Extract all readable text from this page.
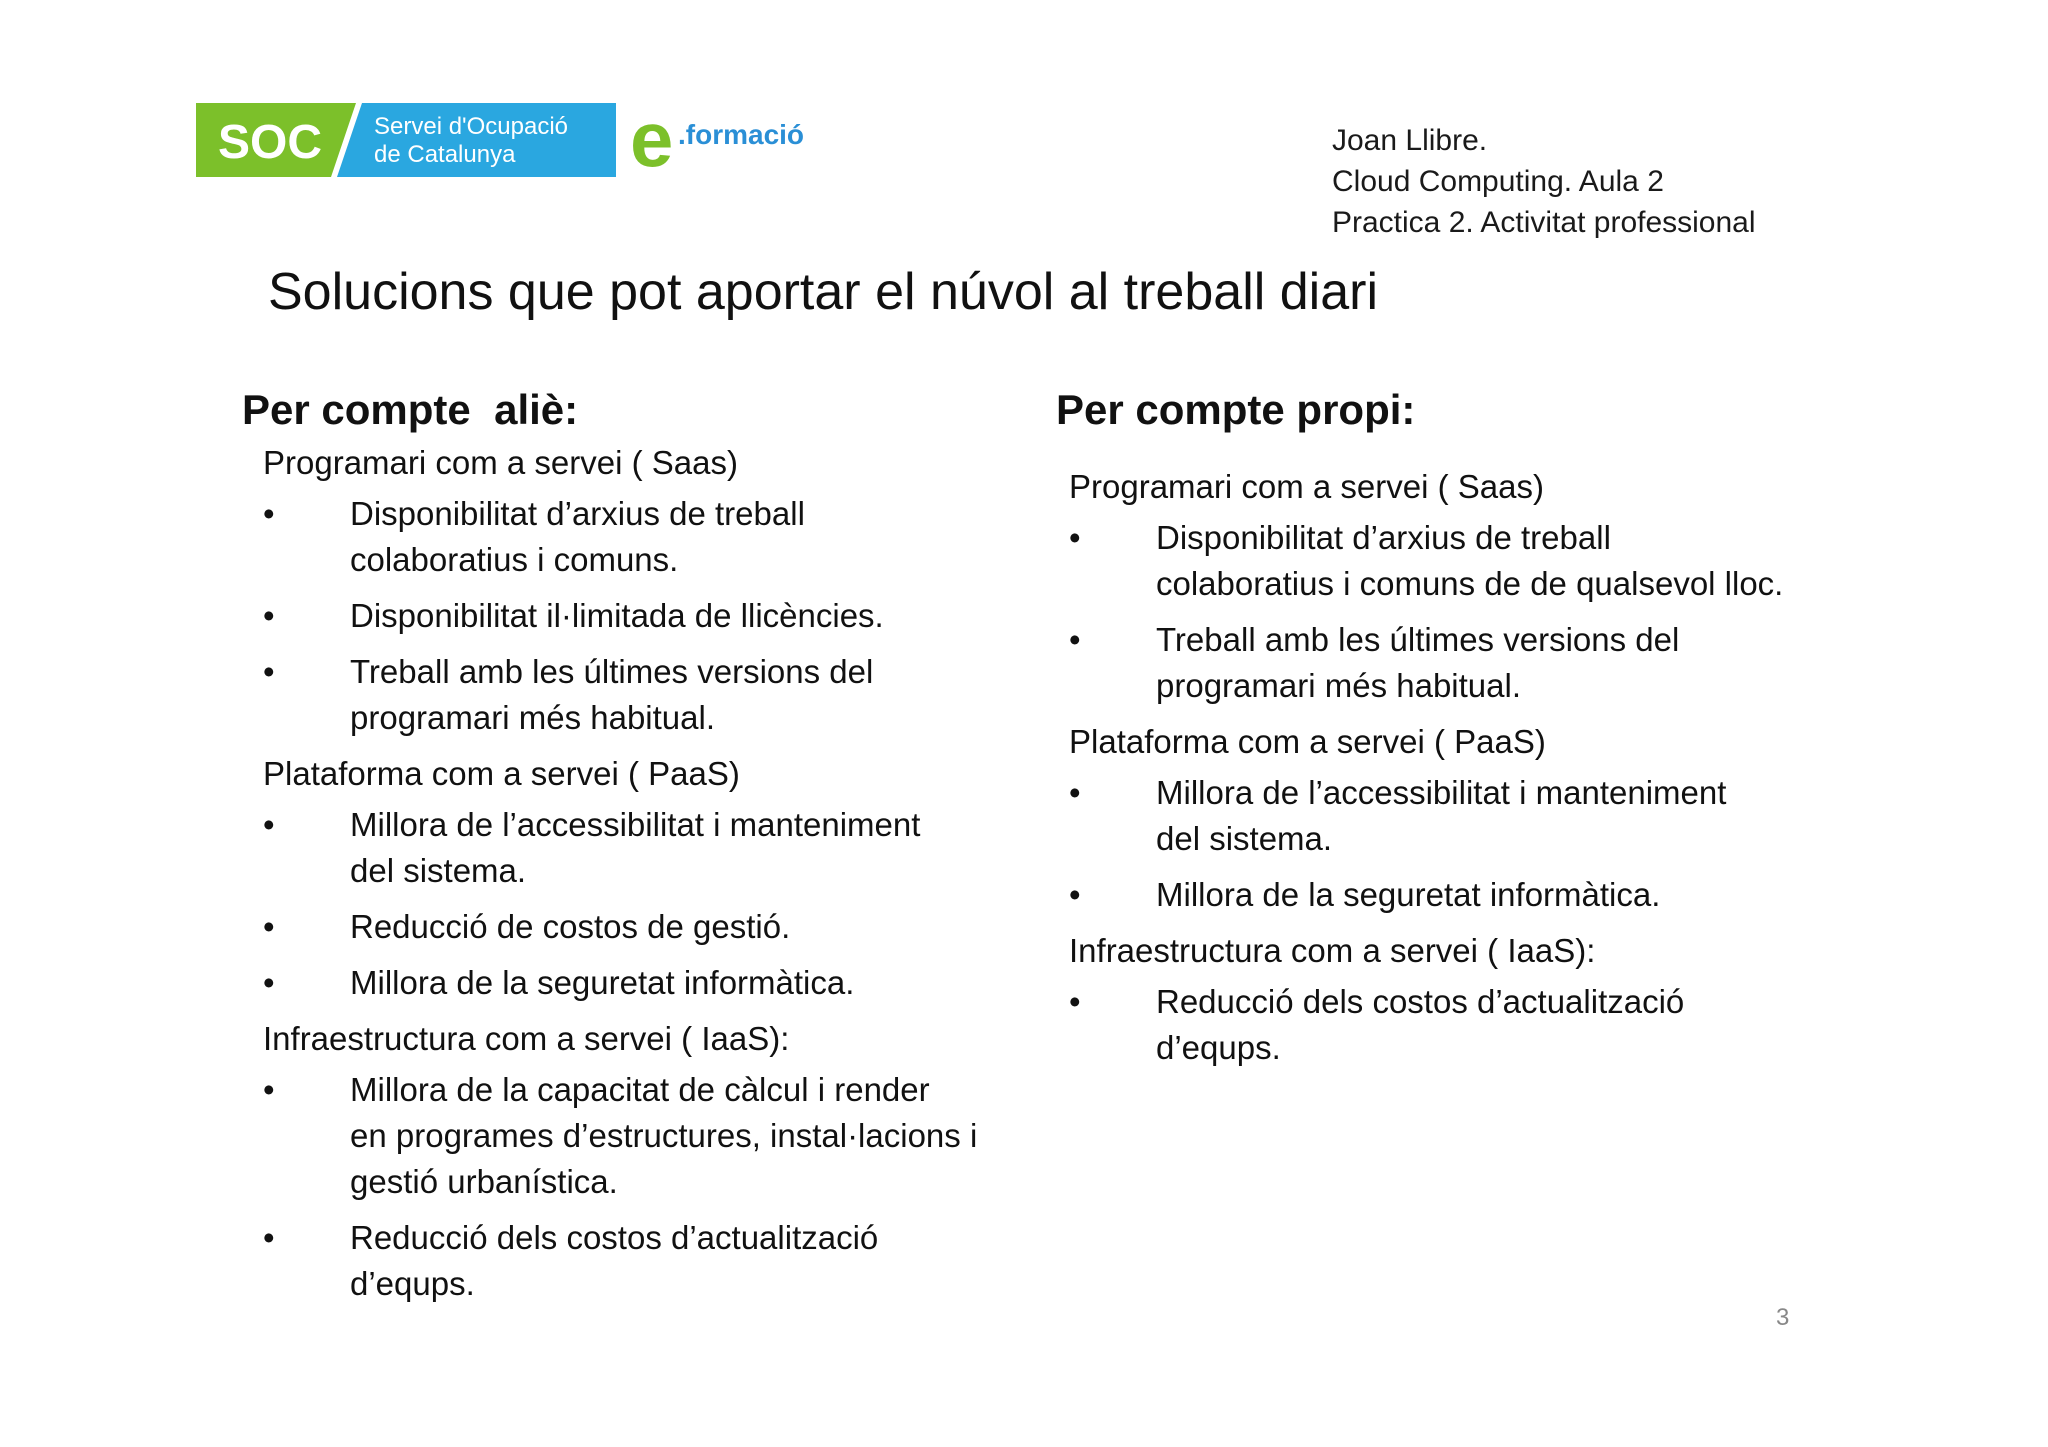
SOC Servei d'Ocupació
de Catalunya e .formació	Joan Llibre.
Cloud Computing. Aula 2
Practica 2. Activitat professional
Solucions que pot aportar el núvol al treball diari
Per compte  aliè:
Programari com a servei ( Saas)
• Disponibilitat d’arxius de treball
colaboratius i comuns.
• Disponibilitat il·limitada de llicències.
• Treball amb les últimes versions del
programari més habitual.
Plataforma com a servei ( PaaS)
• Millora de l’accessibilitat i manteniment
del sistema.
• Reducció de costos de gestió.
• Millora de la seguretat informàtica.
Infraestructura com a servei ( IaaS):
• Millora de la capacitat de càlcul i render
en programes d’estructures, instal·lacions i
gestió urbanística.
• Reducció dels costos d’actualització
d’equps.
Per compte propi:
Programari com a servei ( Saas)
• Disponibilitat d’arxius de treball
colaboratius i comuns de de qualsevol lloc.
• Treball amb les últimes versions del
programari més habitual.
Plataforma com a servei ( PaaS)
• Millora de l’accessibilitat i manteniment
del sistema.
• Millora de la seguretat informàtica.
Infraestructura com a servei ( IaaS):
• Reducció dels costos d’actualització
d’equps.
3
